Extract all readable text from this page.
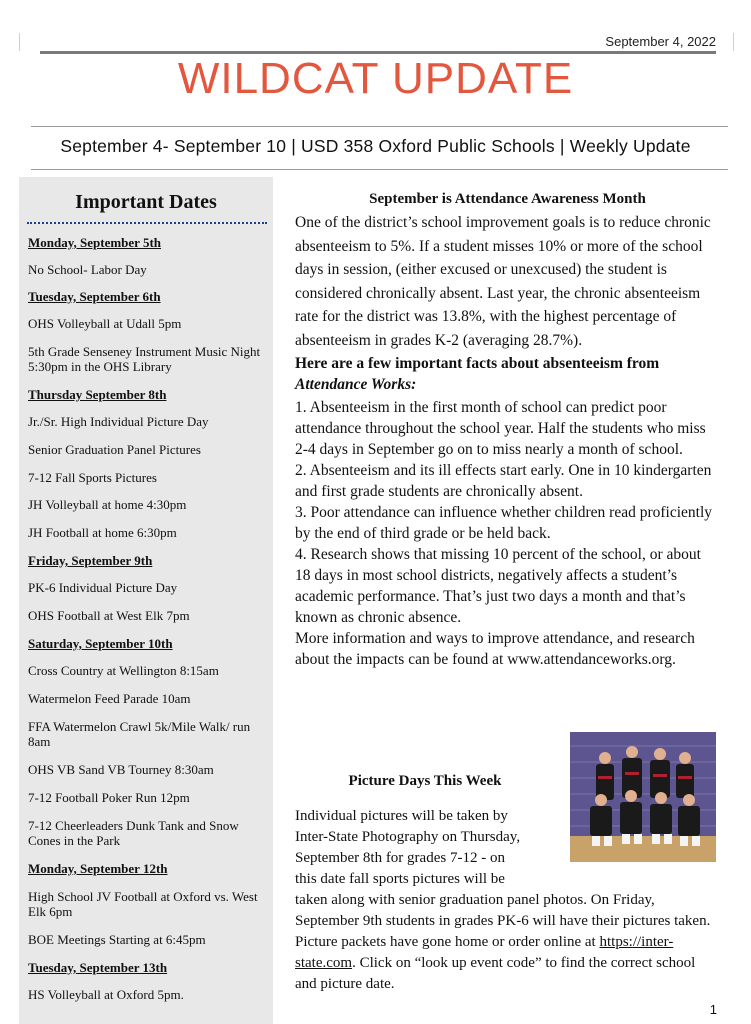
September 4, 2022
WILDCAT UPDATE
September 4- September 10 | USD 358 Oxford Public Schools | Weekly Update
Important Dates
Monday, September 5th
No School- Labor Day
Tuesday, September 6th
OHS Volleyball at Udall 5pm
5th Grade Senseney Instrument Music Night 5:30pm in the OHS Library
Thursday September 8th
Jr./Sr. High Individual Picture Day
Senior Graduation Panel Pictures
7-12 Fall Sports Pictures
JH Volleyball at home 4:30pm
JH Football at home 6:30pm
Friday, September 9th
PK-6 Individual Picture Day
OHS Football at West Elk 7pm
Saturday, September 10th
Cross Country at Wellington 8:15am
Watermelon Feed Parade 10am
FFA Watermelon Crawl 5k/Mile Walk/ run 8am
OHS VB Sand VB Tourney 8:30am
7-12 Football Poker Run 12pm
7-12 Cheerleaders Dunk Tank and Snow Cones in the Park
Monday, September 12th
High School JV Football at Oxford vs. West Elk 6pm
BOE Meetings Starting at 6:45pm
Tuesday, September 13th
HS Volleyball at Oxford 5pm.
September is Attendance Awareness Month

One of the district’s school improvement goals is to reduce chronic absenteeism to 5%. If a student misses 10% or more of the school days in session, (either excused or unexcused) the student is considered chronically absent. Last year, the chronic absenteeism rate for the district was 13.8%, with the highest percentage of absenteeism in grades K-2 (averaging 28.7%).

Here are a few important facts about absenteeism from Attendance Works:

1. Absenteeism in the first month of school can predict poor attendance throughout the school year. Half the students who miss 2-4 days in September go on to miss nearly a month of school.

2. Absenteeism and its ill effects start early. One in 10 kindergarten and first grade students are chronically absent.

3. Poor attendance can influence whether children read proficiently by the end of third grade or be held back.

4. Research shows that missing 10 percent of the school, or about 18 days in most school districts, negatively affects a student’s academic performance. That’s just two days a month and that’s known as chronic absence.

More information and ways to improve attendance, and research about the impacts can be found at www.attendanceworks.org.

Picture Days This Week
Individual pictures will be taken by
Inter-State Photography on Thursday,
September 8th for grades 7-12 - on
this date fall sports pictures will be
taken along with senior graduation panel photos. On Friday, September 9th students in grades PK-6 will have their pictures taken. Picture packets have gone home or order online at https://inter-state.com. Click on “look up event code” to find the correct school and picture date.
1
